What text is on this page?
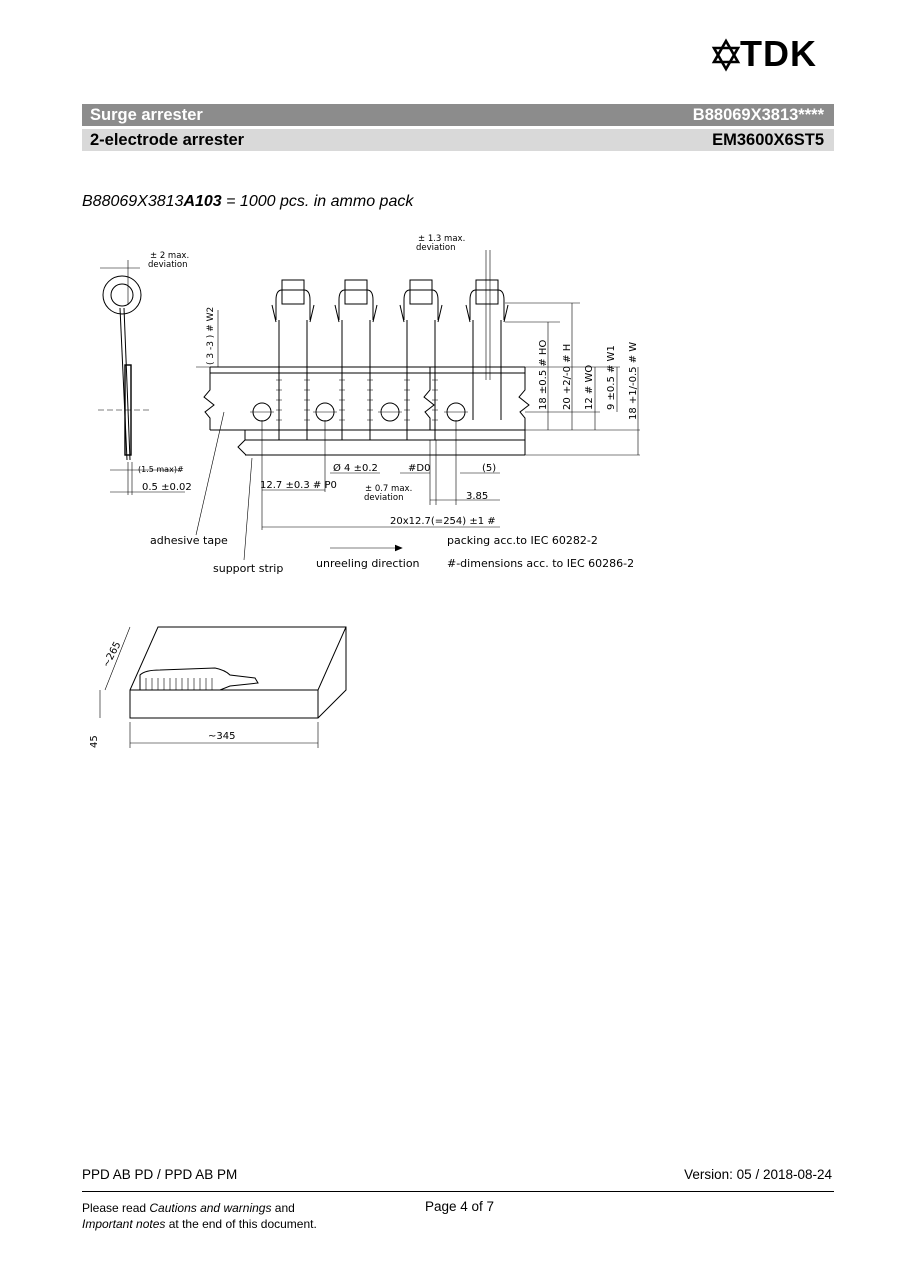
TDK
Surge arrester	B88069X3813****
2-electrode arrester	EM3600X6ST5
B88069X3813A103 = 1000 pcs. in ammo pack
± 2 max.
deviation
± 1.3 max.
deviation
( 3 -3 ) # W2
(1.5 max)#
0.5 ±0.02
18 ±0.5 # HO 20 +2/-0 # H 12 # WO 9 ±0.5 # W1 18 +1/-0.5 # W
Ø 4 ±0.2	#D0	(5)
12.7 ±0.3 # P0	± 0.7 max.
deviation	3.85
20x12.7(=254) ±1 #
adhesive tape
support strip	unreeling direction
packing acc.to IEC 60282-2
#-dimensions acc. to IEC 60286-2
~265
~345
45
PPD AB PD / PPD AB PM	Version: 05 / 2018-08-24
Please read Cautions and warnings and
Important notes at the end of this document.
Page 4 of 7
